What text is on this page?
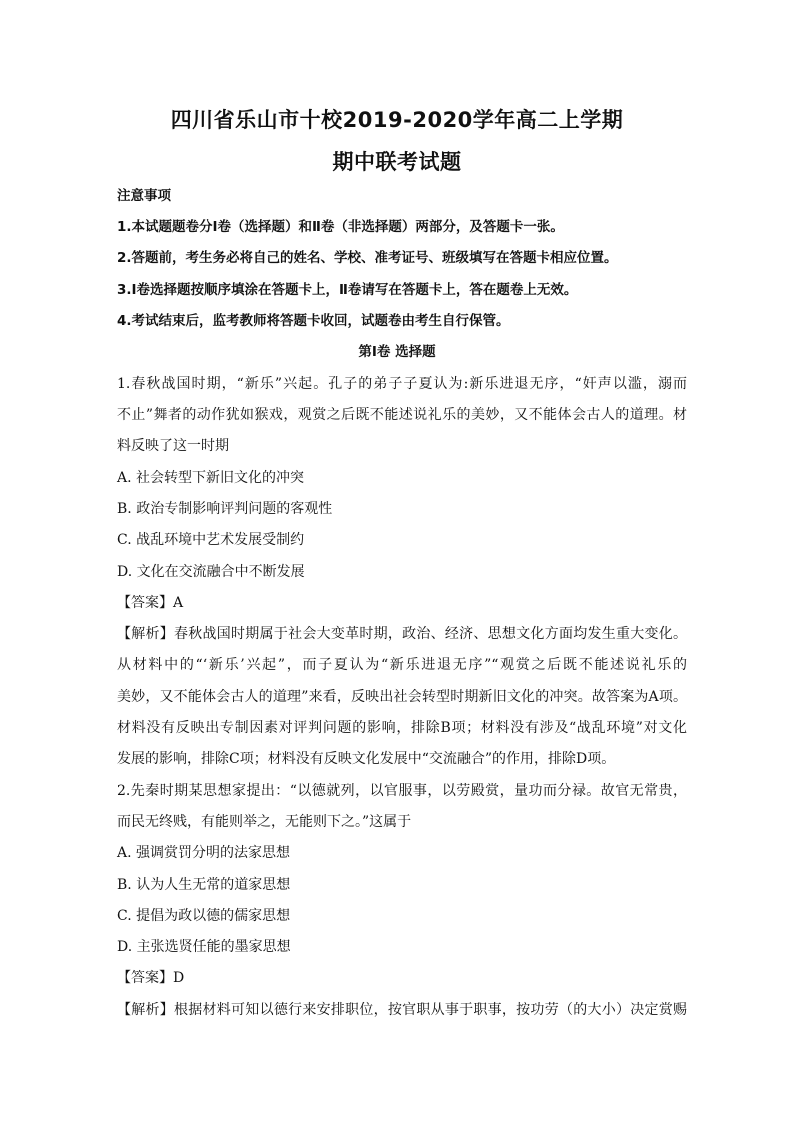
四川省乐山市十校2019-2020学年高二上学期
期中联考试题
注意事项
1.本试题题卷分Ⅰ卷（选择题）和Ⅱ卷（非选择题）两部分，及答题卡一张。
2.答题前，考生务必将自己的姓名、学校、准考证号、班级填写在答题卡相应位置。
3.Ⅰ卷选择题按顺序填涂在答题卡上，Ⅱ卷请写在答题卡上，答在题卷上无效。
4.考试结束后，监考教师将答题卡收回，试题卷由考生自行保管。
第Ⅰ卷 选择题
1.春秋战国时期，“新乐”兴起。孔子的弟子子夏认为:新乐进退无序，“奸声以滥，溺而
不止”舞者的动作犹如猴戏，观赏之后既不能述说礼乐的美妙，又不能体会古人的道理。材
料反映了这一时期
A. 社会转型下新旧文化的冲突
B. 政治专制影响评判问题的客观性
C. 战乱环境中艺术发展受制约
D. 文化在交流融合中不断发展
【答案】A
【解析】春秋战国时期属于社会大变革时期，政治、经济、思想文化方面均发生重大变化。
从材料中的“‘新乐’兴起”，而子夏认为“新乐进退无序”“观赏之后既不能述说礼乐的
美妙，又不能体会古人的道理”来看，反映出社会转型时期新旧文化的冲突。故答案为A项。
材料没有反映出专制因素对评判问题的影响，排除B项；材料没有涉及“战乱环境”对文化
发展的影响，排除C项；材料没有反映文化发展中“交流融合”的作用，排除D项。
2.先秦时期某思想家提出：“以德就列，以官服事，以劳殿赏，量功而分禄。故官无常贵，
而民无终贱，有能则举之，无能则下之。”这属于
A. 强调赏罚分明的法家思想
B. 认为人生无常的道家思想
C. 提倡为政以德的儒家思想
D. 主张选贤任能的墨家思想
【答案】D
【解析】根据材料可知以德行来安排职位，按官职从事于职事，按功劳（的大小）决定赏赐
